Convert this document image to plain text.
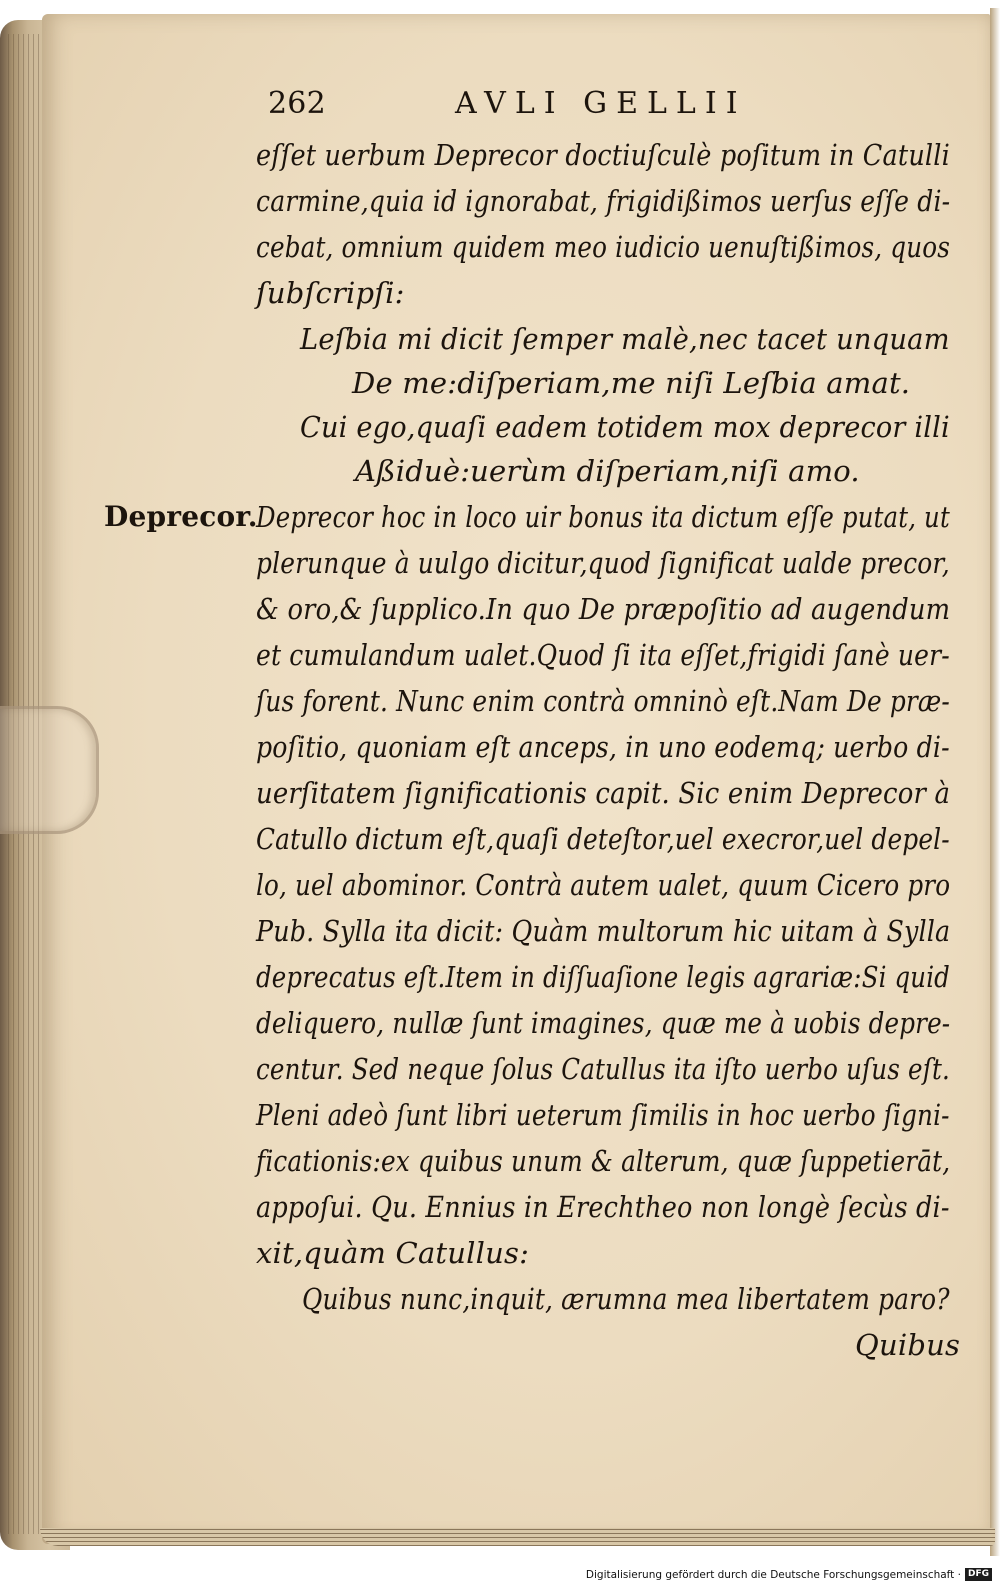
262	AVLI GELLII
eſſet uerbum Deprecor doctiuſculè poſitum in Catulli
carmine,quia id ignorabat, frigidißimos uerſus eſſe di-
cebat, omnium quidem meo iudicio uenuſtißimos, quos
ſubſcripſi:
Leſbia mi dicit ſemper malè,nec tacet unquam
De me:diſperiam,me niſi Leſbia amat.
Cui ego,quaſi eadem totidem mox deprecor illi
Aßiduè:uerùm diſperiam,niſi amo.
Deprecor.
Deprecor hoc in loco uir bonus ita dictum eſſe putat, ut
plerunque à uulgo dicitur,quod ſignificat ualde precor,
& oro,& ſupplico.In quo De præpoſitio ad augendum
et cumulandum ualet.Quod ſi ita eſſet,frigidi ſanè uer-
ſus forent. Nunc enim contrà omninò eſt.Nam De præ-
poſitio, quoniam eſt anceps, in uno eodemq; uerbo di-
uerſitatem ſignificationis capit. Sic enim Deprecor à
Catullo dictum eſt,quaſi deteſtor,uel execror,uel depel-
lo, uel abominor. Contrà autem ualet, quum Cicero pro
Pub. Sylla ita dicit: Quàm multorum hic uitam à Sylla
deprecatus eſt.Item in diſſuaſione legis agrariæ:Si quid
deliquero, nullæ ſunt imagines, quæ me à uobis depre-
centur. Sed neque ſolus Catullus ita iſto uerbo uſus eſt.
Pleni adeò ſunt libri ueterum ſimilis in hoc uerbo ſigni-
ficationis:ex quibus unum & alterum, quæ ſuppetierāt,
appoſui. Qu. Ennius in Erechtheo non longè ſecùs di-
xit,quàm Catullus:
Quibus nunc,inquit, ærumna mea libertatem paro?
Quibus
Digitalisierung gefördert durch die Deutsche Forschungsgemeinschaft · DFG
